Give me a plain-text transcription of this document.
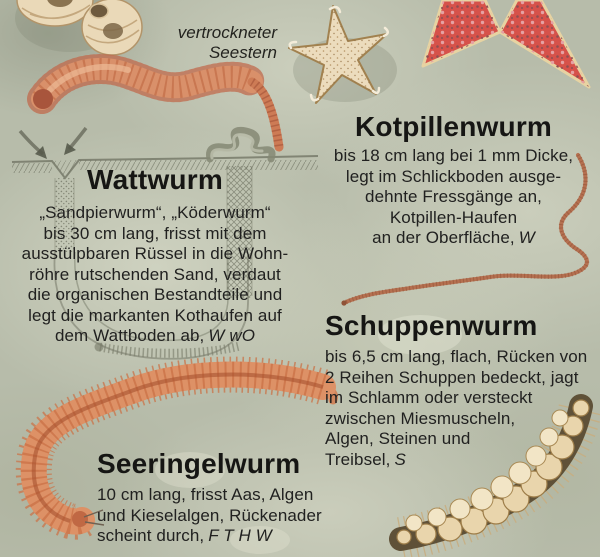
vertrockneter
Seestern
Wattwurm

„Sandpierwurm“, „Köderwurm“
bis 30 cm lang, frisst mit dem
ausstülpbaren Rüssel in die Wohn-
röhre rutschenden Sand, verdaut
die organischen Bestandteile und
legt die markanten Kothaufen auf
dem Wattboden ab, W wO

Kotpillenwurm

bis 18 cm lang bei 1 mm Dicke,
legt im Schlickboden ausge-
dehnte Fressgänge an,
Kotpillen-Haufen
an der Oberfläche, W

Schuppenwurm

bis 6,5 cm lang, flach, Rücken von
2 Reihen Schuppen bedeckt, jagt
im Schlamm oder versteckt
zwischen Miesmuscheln,
Algen, Steinen und
Treibsel, S

Seeringelwurm

10 cm lang, frisst Aas, Algen
und Kieselalgen, Rückenader
scheint durch, F T H W
